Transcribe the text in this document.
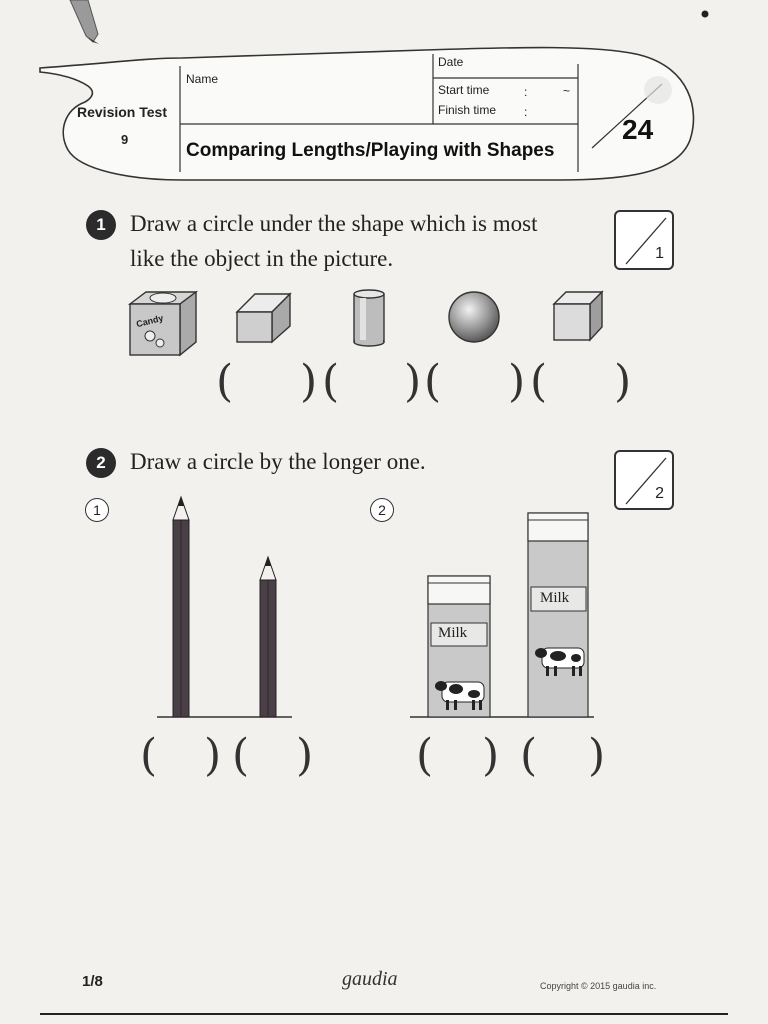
Revision Test
9
Name
Date
Start time
Finish time
:
:
~
Comparing Lengths/Playing with Shapes
24
1	Draw a circle under the shape which is most
like the object in the picture.	1
Candy
( ) ( ) ( ) ( )
2	Draw a circle by the longer one.
2
1	2
Milk
Milk
( ) ( ) ( ) ( )
1/8	gaudia	Copyright © 2015 gaudia inc.
